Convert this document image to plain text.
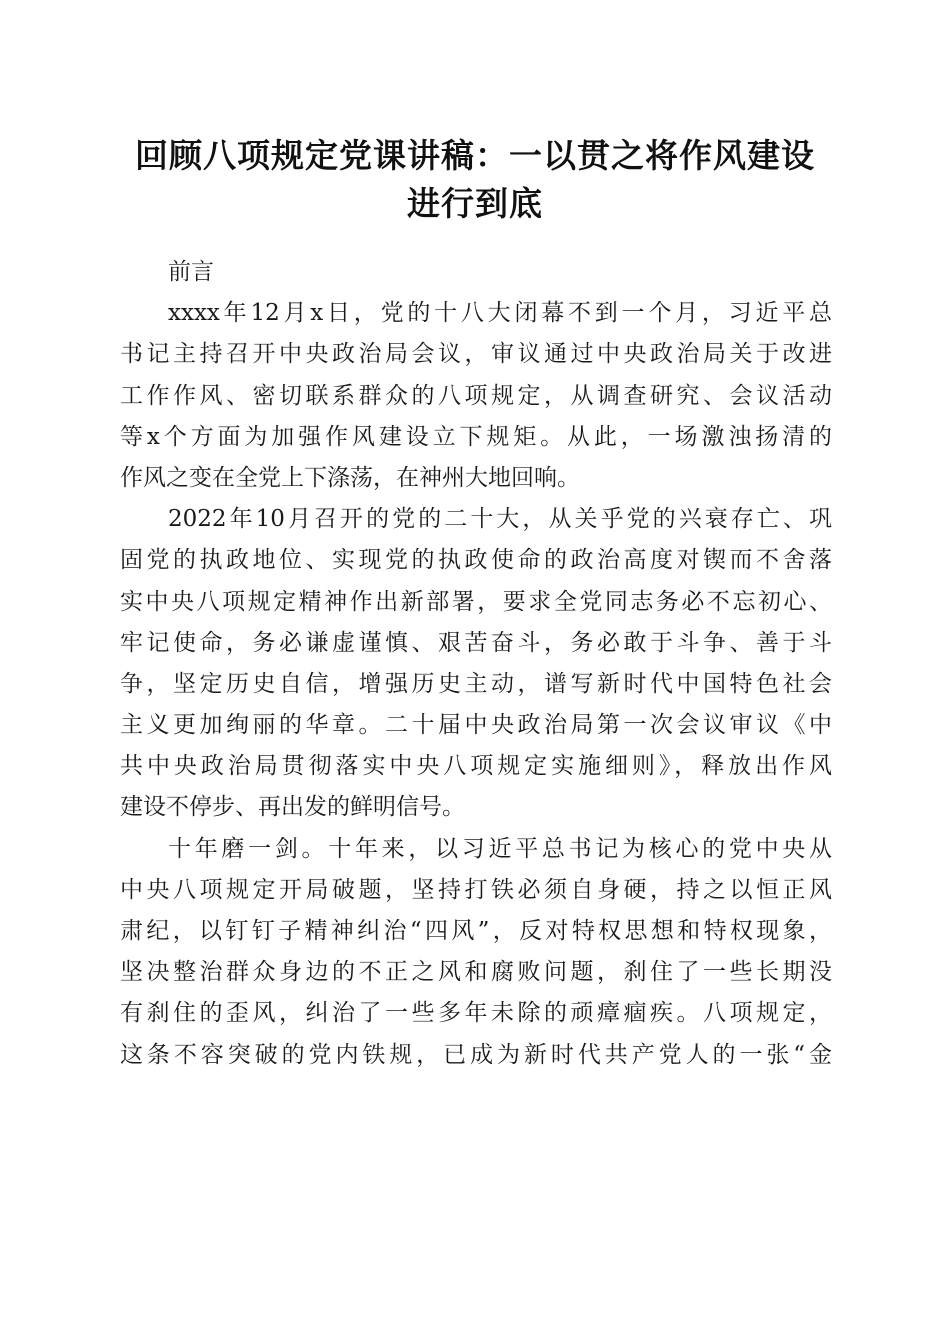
回顾八项规定党课讲稿：一以贯之将作风建设
进行到底
前言
xxxx年12月x日，党的十八大闭幕不到一个月，习近平总
书记主持召开中央政治局会议，审议通过中央政治局关于改进
工作作风、密切联系群众的八项规定，从调查研究、会议活动
等x个方面为加强作风建设立下规矩。从此，一场激浊扬清的
作风之变在全党上下涤荡，在神州大地回响。
2022年10月召开的党的二十大，从关乎党的兴衰存亡、巩
固党的执政地位、实现党的执政使命的政治高度对锲而不舍落
实中央八项规定精神作出新部署，要求全党同志务必不忘初心、
牢记使命，务必谦虚谨慎、艰苦奋斗，务必敢于斗争、善于斗
争，坚定历史自信，增强历史主动，谱写新时代中国特色社会
主义更加绚丽的华章。二十届中央政治局第一次会议审议《中
共中央政治局贯彻落实中央八项规定实施细则》，释放出作风
建设不停步、再出发的鲜明信号。
十年磨一剑。十年来，以习近平总书记为核心的党中央从
中央八项规定开局破题，坚持打铁必须自身硬，持之以恒正风
肃纪，以钉钉子精神纠治“四风”，反对特权思想和特权现象，
坚决整治群众身边的不正之风和腐败问题，刹住了一些长期没
有刹住的歪风，纠治了一些多年未除的顽瘴痼疾。八项规定，
这条不容突破的党内铁规，已成为新时代共产党人的一张“金
